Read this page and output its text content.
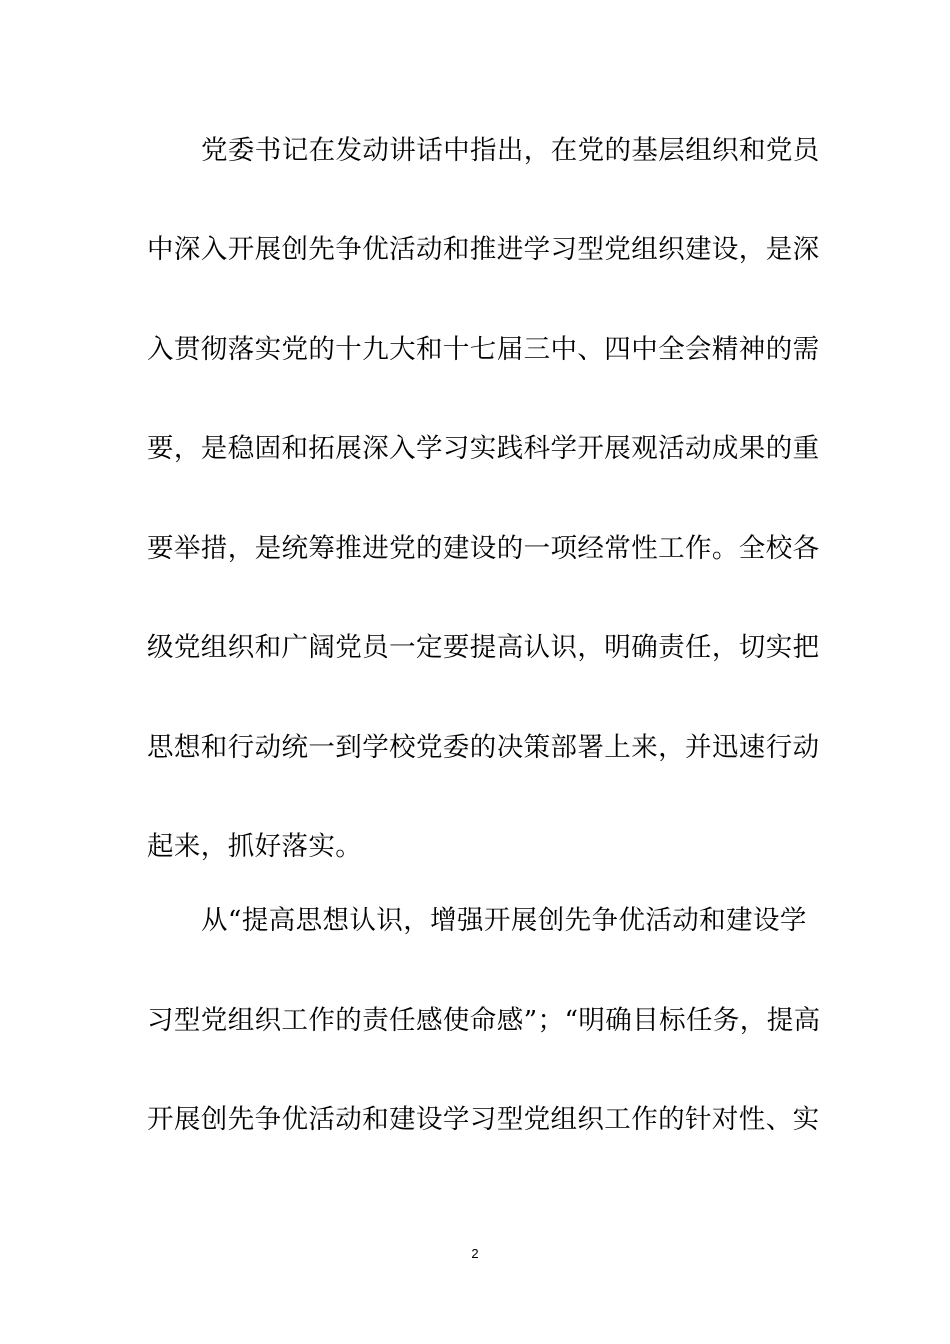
党委书记在发动讲话中指出，在党的基层组织和党员
中深入开展创先争优活动和推进学习型党组织建设，是深
入贯彻落实党的十九大和十七届三中、四中全会精神的需
要，是稳固和拓展深入学习实践科学开展观活动成果的重
要举措，是统筹推进党的建设的一项经常性工作。全校各
级党组织和广阔党员一定要提高认识，明确责任，切实把
思想和行动统一到学校党委的决策部署上来，并迅速行动
起来，抓好落实。
从“提高思想认识，增强开展创先争优活动和建设学
习型党组织工作的责任感使命感”；“明确目标任务，提高
开展创先争优活动和建设学习型党组织工作的针对性、实
2
